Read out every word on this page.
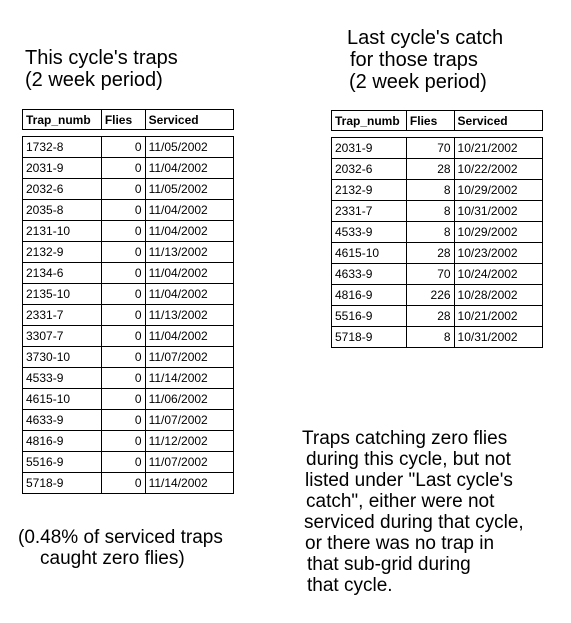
This cycle's traps
(2 week period)
Last cycle's catch
for those traps
(2 week period)
Trap_numb	Flies	Serviced

1732-8	0	11/05/2002
2031-9	0	11/04/2002
2032-6	0	11/05/2002
2035-8	0	11/04/2002
2131-10	0	11/04/2002
2132-9	0	11/13/2002
2134-6	0	11/04/2002
2135-10	0	11/04/2002
2331-7	0	11/13/2002
3307-7	0	11/04/2002
3730-10	0	11/07/2002
4533-9	0	11/14/2002
4615-10	0	11/06/2002
4633-9	0	11/07/2002
4816-9	0	11/12/2002
5516-9	0	11/07/2002
5718-9	0	11/14/2002
Trap_numb	Flies	Serviced

2031-9	70	10/21/2002
2032-6	28	10/22/2002
2132-9	8	10/29/2002
2331-7	8	10/31/2002
4533-9	8	10/29/2002
4615-10	28	10/23/2002
4633-9	70	10/24/2002
4816-9	226	10/28/2002
5516-9	28	10/21/2002
5718-9	8	10/31/2002
(0.48% of serviced traps
caught zero flies)
Traps catching zero flies
during this cycle, but not
listed under "Last cycle's
catch", either were not
serviced during that cycle,
or there was no trap in
that sub-grid during
that cycle.
